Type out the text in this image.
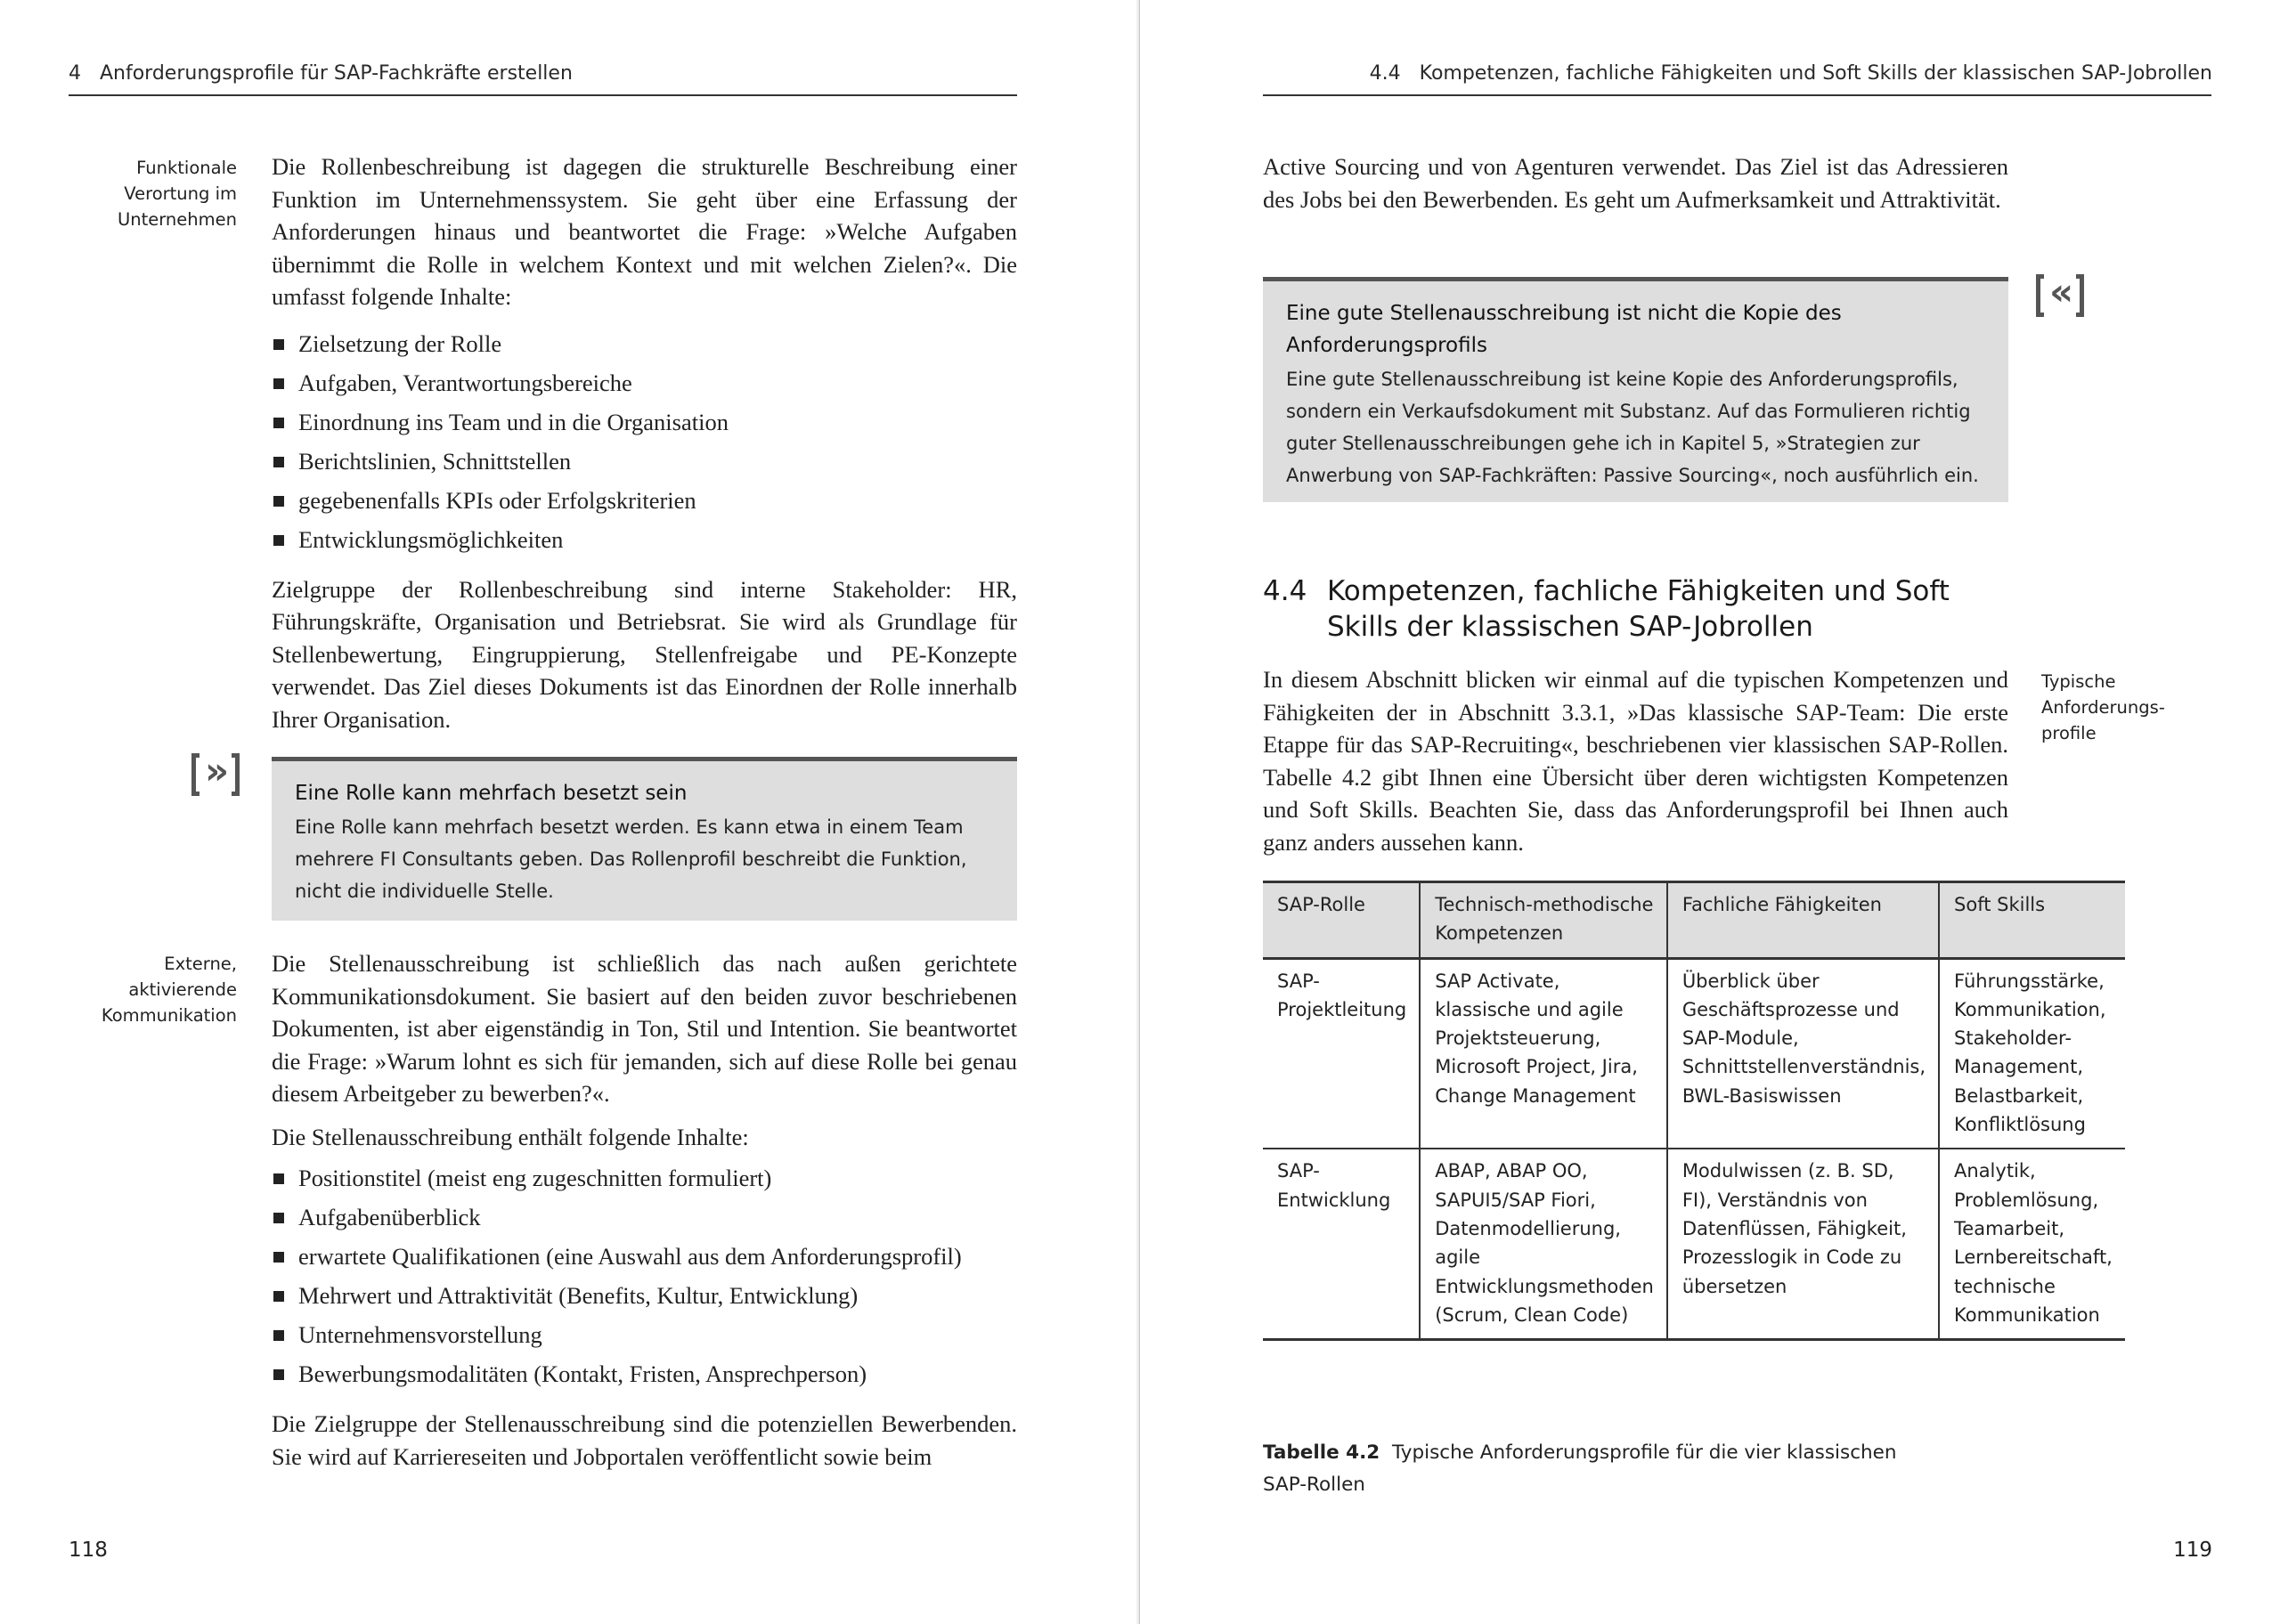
4 Anforderungsprofile für SAP-Fachkräfte erstellen
Funktionale
Verortung im
Unternehmen

Die Rollenbeschreibung ist dagegen die strukturelle Beschreibung einer Funktion im Unternehmenssystem. Sie geht über eine Erfassung der Anforderungen hinaus und beantwortet die Frage: »Welche Aufgaben übernimmt die Rolle in welchem Kontext und mit welchen Zielen?«. Die umfasst folgende Inhalte:

Zielsetzung der Rolle
Aufgaben, Verantwortungsbereiche
Einordnung ins Team und in die Organisation
Berichtslinien, Schnittstellen
gegebenenfalls KPIs oder Erfolgskriterien
Entwicklungsmöglichkeiten

Zielgruppe der Rollenbeschreibung sind interne Stakeholder: HR, Führungskräfte, Organisation und Betriebsrat. Sie wird als Grundlage für Stellenbewertung, Eingruppierung, Stellenfreigabe und PE-Konzepte verwendet. Das Ziel dieses Dokuments ist das Einordnen der Rolle innerhalb Ihrer Organisation.

»
Eine Rolle kann mehrfach besetzt sein
Eine Rolle kann mehrfach besetzt werden. Es kann etwa in einem Team mehrere FI Consultants geben. Das Rollenprofil beschreibt die Funktion, nicht die individuelle Stelle.
Externe,
aktivierende
Kommunikation

Die Stellenausschreibung ist schließlich das nach außen gerichtete Kommunikationsdokument. Sie basiert auf den beiden zuvor beschriebenen Dokumenten, ist aber eigenständig in Ton, Stil und Intention. Sie beantwortet die Frage: »Warum lohnt es sich für jemanden, sich auf diese Rolle bei genau diesem Arbeitgeber zu bewerben?«.

Die Stellenausschreibung enthält folgende Inhalte:

Positionstitel (meist eng zugeschnitten formuliert)
Aufgabenüberblick
erwartete Qualifikationen (eine Auswahl aus dem Anforderungsprofil)
Mehrwert und Attraktivität (Benefits, Kultur, Entwicklung)
Unternehmensvorstellung
Bewerbungsmodalitäten (Kontakt, Fristen, Ansprechperson)

Die Zielgruppe der Stellenausschreibung sind die potenziellen Bewerbenden. Sie wird auf Karriereseiten und Jobportalen veröffentlicht sowie beim

118
4.4 Kompetenzen, fachliche Fähigkeiten und Soft Skills der klassischen SAP-Jobrollen

Active Sourcing und von Agenturen verwendet. Das Ziel ist das Adressieren des Jobs bei den Bewerbenden. Es geht um Aufmerksamkeit und Attraktivität.

Eine gute Stellenausschreibung ist nicht die Kopie des Anforderungsprofils
Eine gute Stellenausschreibung ist keine Kopie des Anforderungsprofils, sondern ein Verkaufsdokument mit Substanz. Auf das Formulieren richtig guter Stellenausschreibungen gehe ich in Kapitel 5, »Strategien zur Anwerbung von SAP-Fachkräften: Passive Sourcing«, noch ausführlich ein.
«
4.4 Kompetenzen, fachliche Fähigkeiten und Soft Skills der klassischen SAP-Jobrollen
Typische
Anforderungs-
profile

In diesem Abschnitt blicken wir einmal auf die typischen Kompetenzen und Fähigkeiten der in Abschnitt 3.3.1, »Das klassische SAP-Team: Die erste Etappe für das SAP-Recruiting«, beschriebenen vier klassischen SAP-Rollen. Tabelle 4.2 gibt Ihnen eine Übersicht über deren wichtigsten Kompetenzen und Soft Skills. Beachten Sie, dass das Anforderungsprofil bei Ihnen auch ganz anders aussehen kann.

SAP-Rolle	Technisch-methodische Kompetenzen	Fachliche Fähigkeiten	Soft Skills
SAP-Projektleitung	SAP Activate, klassische und agile Projektsteuerung, Microsoft Project, Jira, Change Management	Überblick über Geschäftsprozesse und SAP-Module, Schnittstellenverständnis, BWL-Basiswissen	Führungsstärke, Kommunikation, Stakeholder-Management, Belastbarkeit, Konfliktlösung
SAP-Entwicklung	ABAP, ABAP OO, SAPUI5/SAP Fiori, Datenmodellierung, agile Entwicklungsmethoden (Scrum, Clean Code)	Modulwissen (z. B. SD, FI), Verständnis von Datenflüssen, Fähigkeit, Prozesslogik in Code zu übersetzen	Analytik, Problemlösung, Teamarbeit, Lernbereitschaft, technische Kommunikation
Tabelle 4.2 Typische Anforderungsprofile für die vier klassischen SAP-Rollen
119
